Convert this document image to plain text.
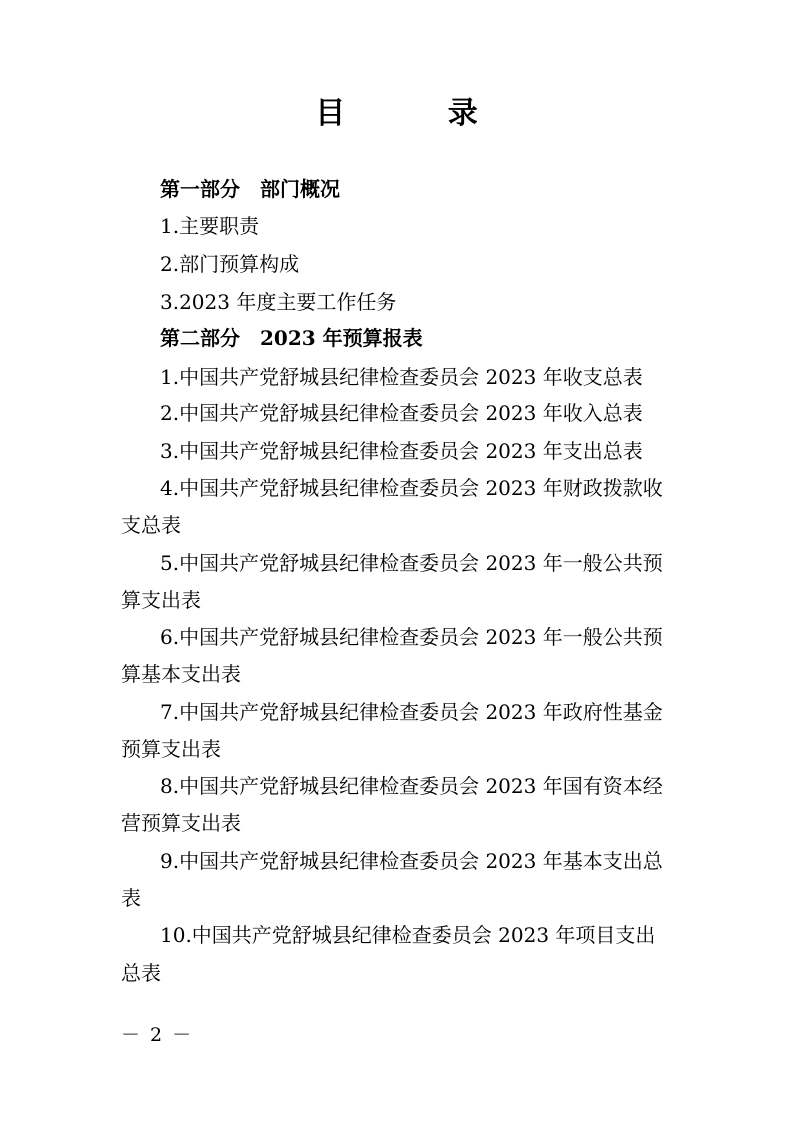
目 录
第一部分　部门概况
1.主要职责
2.部门预算构成
3.2023 年度主要工作任务
第二部分　2023 年预算报表
1.中国共产党舒城县纪律检查委员会 2023 年收支总表
2.中国共产党舒城县纪律检查委员会 2023 年收入总表
3.中国共产党舒城县纪律检查委员会 2023 年支出总表
4.中国共产党舒城县纪律检查委员会 2023 年财政拨款收
支总表
5.中国共产党舒城县纪律检查委员会 2023 年一般公共预
算支出表
6.中国共产党舒城县纪律检查委员会 2023 年一般公共预
算基本支出表
7.中国共产党舒城县纪律检查委员会 2023 年政府性基金
预算支出表
8.中国共产党舒城县纪律检查委员会 2023 年国有资本经
营预算支出表
9.中国共产党舒城县纪律检查委员会 2023 年基本支出总
表
10.中国共产党舒城县纪律检查委员会 2023 年项目支出
总表
－ 2 －
